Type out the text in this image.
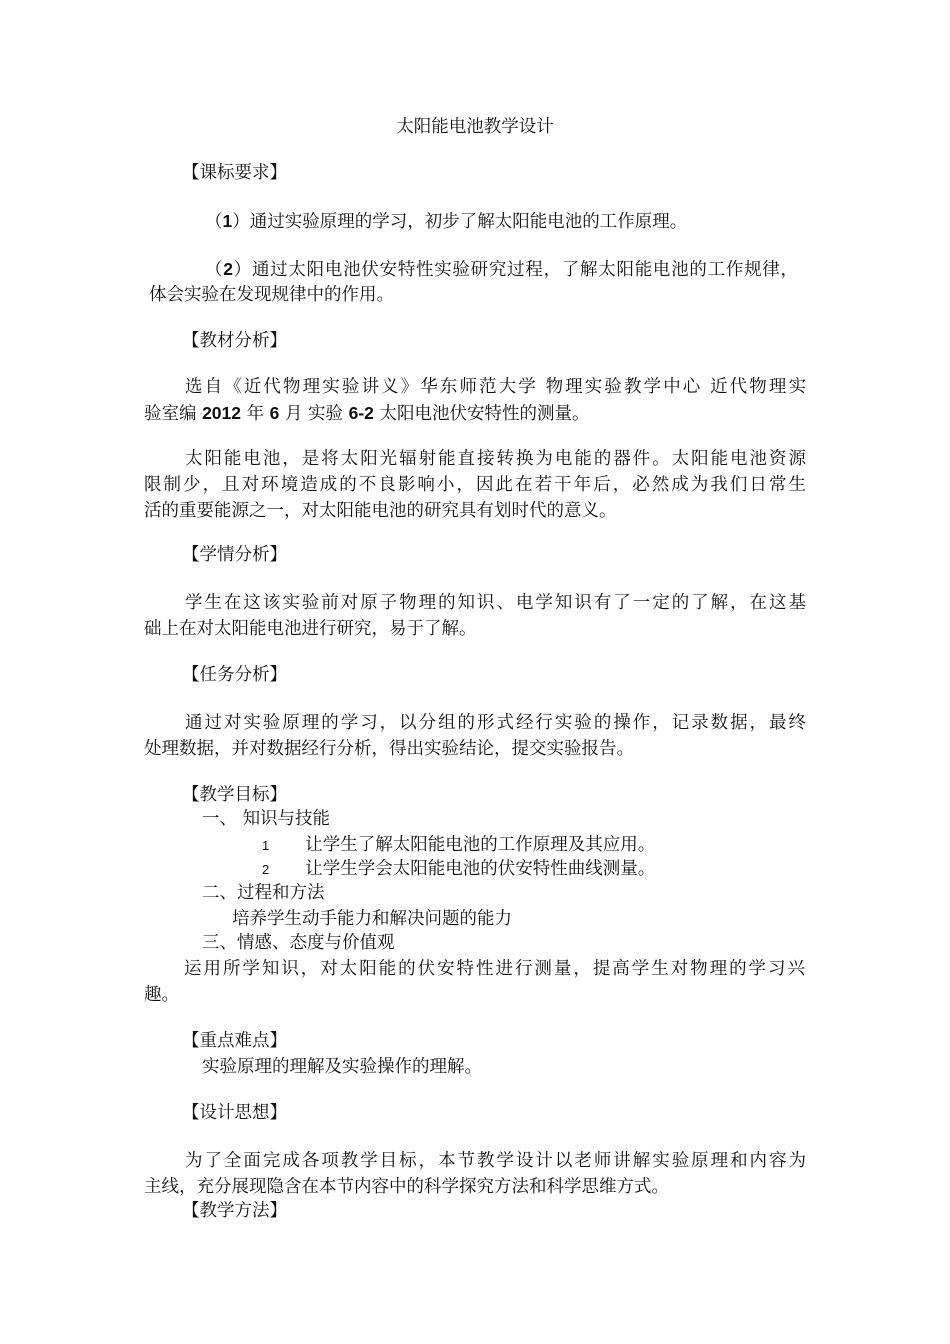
太阳能电池教学设计
【课标要求】
（1）通过实验原理的学习，初步了解太阳能电池的工作原理。
（2）通过太阳电池伏安特性实验研究过程，了解太阳能电池的工作规律，
体会实验在发现规律中的作用。
【教材分析】
选自《近代物理实验讲义》华东师范大学 物理实验教学中心 近代物理实
验室编 2012 年 6 月 实验 6-2 太阳电池伏安特性的测量。
太阳能电池，是将太阳光辐射能直接转换为电能的器件。太阳能电池资源
限制少，且对环境造成的不良影响小，因此在若干年后，必然成为我们日常生
活的重要能源之一，对太阳能电池的研究具有划时代的意义。
【学情分析】
学生在这该实验前对原子物理的知识、电学知识有了一定的了解，在这基
础上在对太阳能电池进行研究，易于了解。
【任务分析】
通过对实验原理的学习，以分组的形式经行实验的操作，记录数据，最终
处理数据，并对数据经行分析，得出实验结论，提交实验报告。
【教学目标】
一、 知识与技能
1 让学生了解太阳能电池的工作原理及其应用。
2 让学生学会太阳能电池的伏安特性曲线测量。
二、过程和方法
培养学生动手能力和解决问题的能力
三、情感、态度与价值观
运用所学知识，对太阳能的伏安特性进行测量，提高学生对物理的学习兴
趣。
【重点难点】
实验原理的理解及实验操作的理解。
【设计思想】
为了全面完成各项教学目标，本节教学设计以老师讲解实验原理和内容为
主线，充分展现隐含在本节内容中的科学探究方法和科学思维方式。
【教学方法】
